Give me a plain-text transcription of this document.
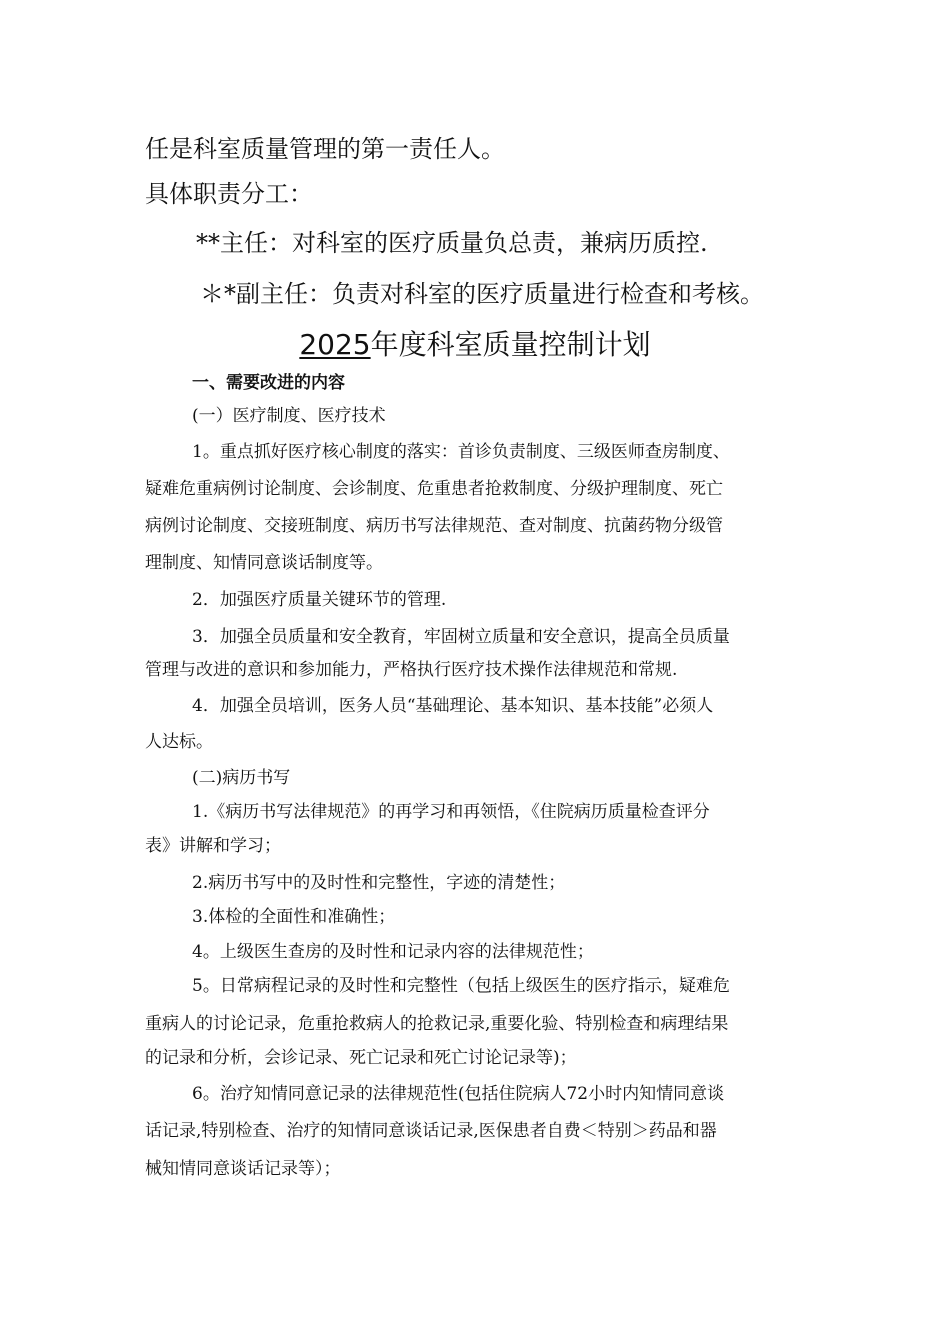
任是科室质量管理的第一责任人。
具体职责分工：
**主任：对科室的医疗质量负总责，兼病历质控.
＊*副主任：负责对科室的医疗质量进行检查和考核。
2025年度科室质量控制计划
一、需要改进的内容
(一）医疗制度、医疗技术
1。重点抓好医疗核心制度的落实：首诊负责制度、三级医师查房制度、
疑难危重病例讨论制度、会诊制度、危重患者抢救制度、分级护理制度、死亡
病例讨论制度、交接班制度、病历书写法律规范、查对制度、抗菌药物分级管
理制度、知情同意谈话制度等。
2．加强医疗质量关键环节的管理.
3．加强全员质量和安全教育，牢固树立质量和安全意识，提高全员质量
管理与改进的意识和参加能力，严格执行医疗技术操作法律规范和常规.
4．加强全员培训，医务人员“基础理论、基本知识、基本技能”必须人
人达标。
(二)病历书写
1.《病历书写法律规范》的再学习和再领悟，《住院病历质量检查评分
表》讲解和学习；
2.病历书写中的及时性和完整性，字迹的清楚性；
3.体检的全面性和准确性；
4。上级医生查房的及时性和记录内容的法律规范性；
5。日常病程记录的及时性和完整性（包括上级医生的医疗指示，疑难危
重病人的讨论记录，危重抢救病人的抢救记录,重要化验、特别检查和病理结果
的记录和分析，会诊记录、死亡记录和死亡讨论记录等)；
6。治疗知情同意记录的法律规范性(包括住院病人72小时内知情同意谈
话记录,特别检查、治疗的知情同意谈话记录,医保患者自费＜特别＞药品和器
械知情同意谈话记录等）；
